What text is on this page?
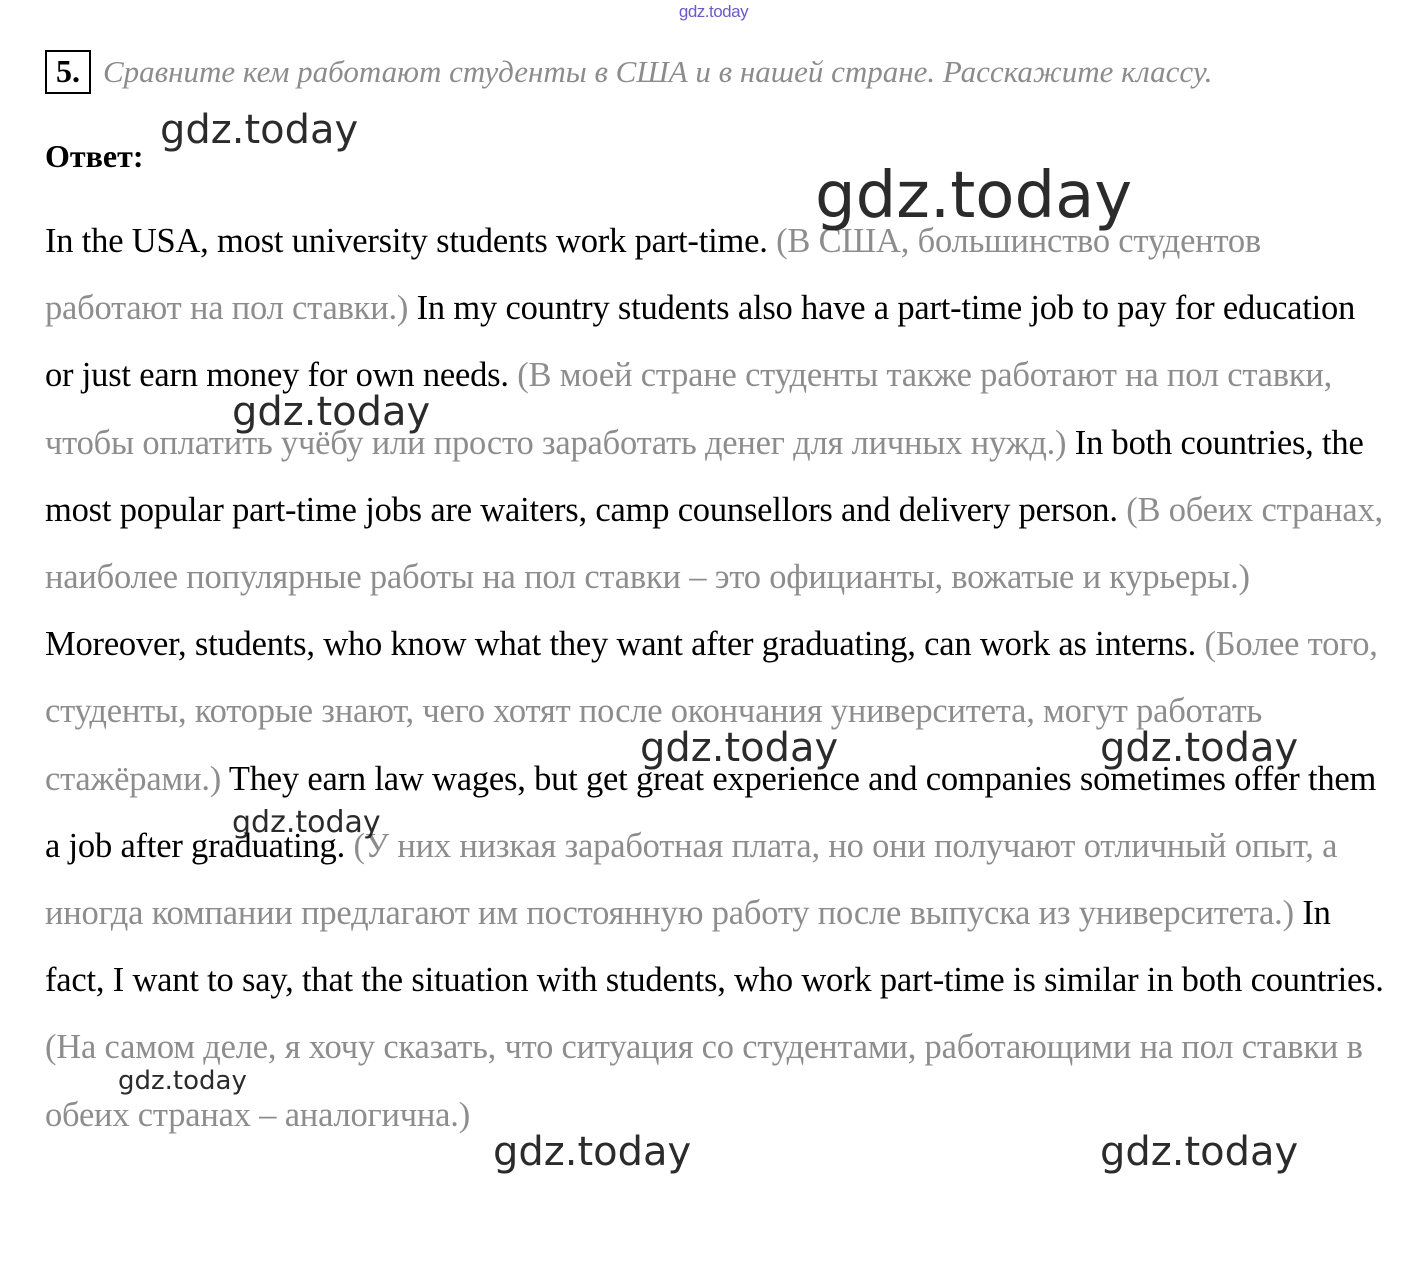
gdz.today
5. Сравните кем работают студенты в США и в нашей стране. Расскажите классу.
Ответ:
In the USA, most university students work part-time. (В США, большинство студентов работают на пол ставки.) In my country students also have a part-time job to pay for education or just earn money for own needs. (В моей стране студенты также работают на пол ставки, чтобы оплатить учёбу или просто заработать денег для личных нужд.) In both countries, the most popular part-time jobs are waiters, camp counsellors and delivery person. (В обеих странах, наиболее популярные работы на пол ставки – это официанты, вожатые и курьеры.) Moreover, students, who know what they want after graduating, can work as interns. (Более того, студенты, которые знают, чего хотят после окончания университета, могут работать стажёрами.) They earn law wages, but get great experience and companies sometimes offer them a job after graduating. (У них низкая заработная плата, но они получают отличный опыт, а иногда компании предлагают им постоянную работу после выпуска из университета.) In fact, I want to say, that the situation with students, who work part-time is similar in both countries. (На самом деле, я хочу сказать, что ситуация со студентами, работающими на пол ставки в обеих странах – аналогична.)
gdz.today
gdz.today
gdz.today
gdz.today	gdz.today
gdz.today
gdz.today
gdz.today	gdz.today
